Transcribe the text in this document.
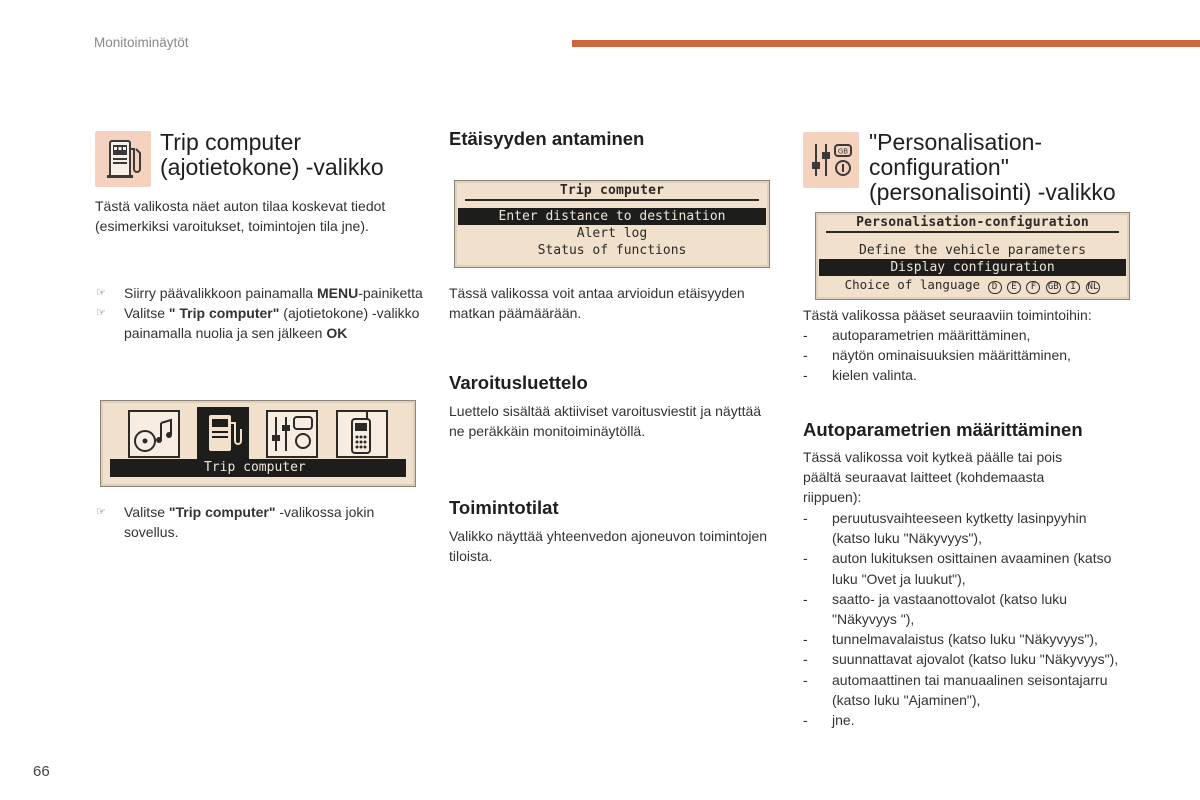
Monitoiminäytöt
Trip computer
(ajotietokone) -valikko
Tästä valikosta näet auton tilaa koskevat tiedot (esimerkiksi varoitukset, toimintojen tila jne).
☞ Siirry päävalikkoon painamalla MENU-painiketta
☞ Valitse " Trip computer" (ajotietokone) -valikko painamalla nuolia ja sen jälkeen OK
Trip computer
☞ Valitse "Trip computer" -valikossa jokin sovellus.
Etäisyyden antaminen
Trip computer
Enter distance to destination
Alert log
Status of functions
Tässä valikossa voit antaa arvioidun etäisyyden matkan päämäärään.
Varoitusluettelo
Luettelo sisältää aktiiviset varoitusviestit ja näyttää ne peräkkäin monitoiminäytöllä.
Toimintotilat
Valikko näyttää yhteenvedon ajoneuvon toimintojen tiloista.
GB "Personalisation-
configuration"
(personalisointi) -valikko
Personalisation-configuration
Define the vehicle parameters
Display configuration
Choice of language D E F GB I NL
Tästä valikossa pääset seuraaviin toimintoihin:
- autoparametrien määrittäminen,
- näytön ominaisuuksien määrittäminen,
- kielen valinta.
Autoparametrien määrittäminen
Tässä valikossa voit kytkeä päälle tai pois päältä seuraavat laitteet (kohdemaasta riippuen):
- peruutusvaihteeseen kytketty lasinpyyhin (katso luku "Näkyvyys"),
- auton lukituksen osittainen avaaminen (katso luku "Ovet ja luukut"),
- saatto- ja vastaanottovalot (katso luku "Näkyvyys "),
- tunnelmavalaistus (katso luku "Näkyvyys"),
- suunnattavat ajovalot (katso luku "Näkyvyys"),
- automaattinen tai manuaalinen seisontajarru (katso luku "Ajaminen"),
- jne.
66
